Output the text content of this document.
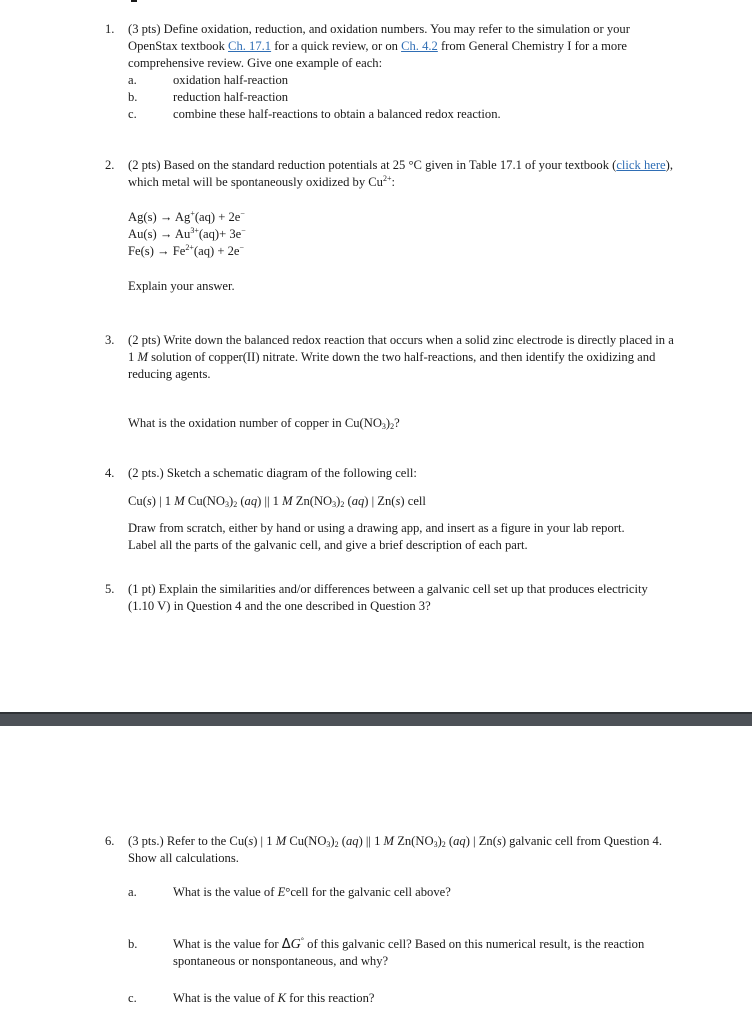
1. (3 pts) Define oxidation, reduction, and oxidation numbers. You may refer to the simulation or your OpenStax textbook Ch. 17.1 for a quick review, or on Ch. 4.2 from General Chemistry I for a more comprehensive review. Give one example of each:
a.	oxidation half-reaction
b.	reduction half-reaction
c.	combine these half-reactions to obtain a balanced redox reaction.
2. (2 pts) Based on the standard reduction potentials at 25 °C given in Table 17.1 of your textbook (click here), which metal will be spontaneously oxidized by $Cu^{2+}$:
Ag(s) → Ag+(aq) + 2e−
$Au(s) \to Au^{3+}(aq)+ 3e^-$
$Fe(s) \to Fe^{2+}(aq) + 2e^-$
Explain your answer.
3. (2 pts) Write down the balanced redox reaction that occurs when a solid zinc electrode is directly placed in a 1 M solution of copper(II) nitrate. Write down the two half-reactions, and then identify the oxidizing and reducing agents.
What is the oxidation number of copper in $Cu(NO_3)_2$?
4. (2 pts.) Sketch a schematic diagram of the following cell:
Cu(s) | 1 M $Cu(NO_3)_2$ (aq) || 1 M $Zn(NO_3)_2$ (aq) | Zn(s) cell
Draw from scratch, either by hand or using a drawing app, and insert as a figure in your lab report. Label all the parts of the galvanic cell, and give a brief description of each part.
5. (1 pt) Explain the similarities and/or differences between a galvanic cell set up that produces electricity (1.10 V) in Question 4 and the one described in Question 3?
6. (3 pts.) Refer to the Cu(s) | 1 M $Cu(NO_3)_2$ (aq) || 1 M $Zn(NO_3)_2$ (aq) | Zn(s) galvanic cell from Question 4. Show all calculations.
a.	What is the value of E°cell for the galvanic cell above?
b.	What is the value for ΔG° of this galvanic cell? Based on this numerical result, is the reaction spontaneous or nonspontaneous, and why?
c.	What is the value of K for this reaction?
